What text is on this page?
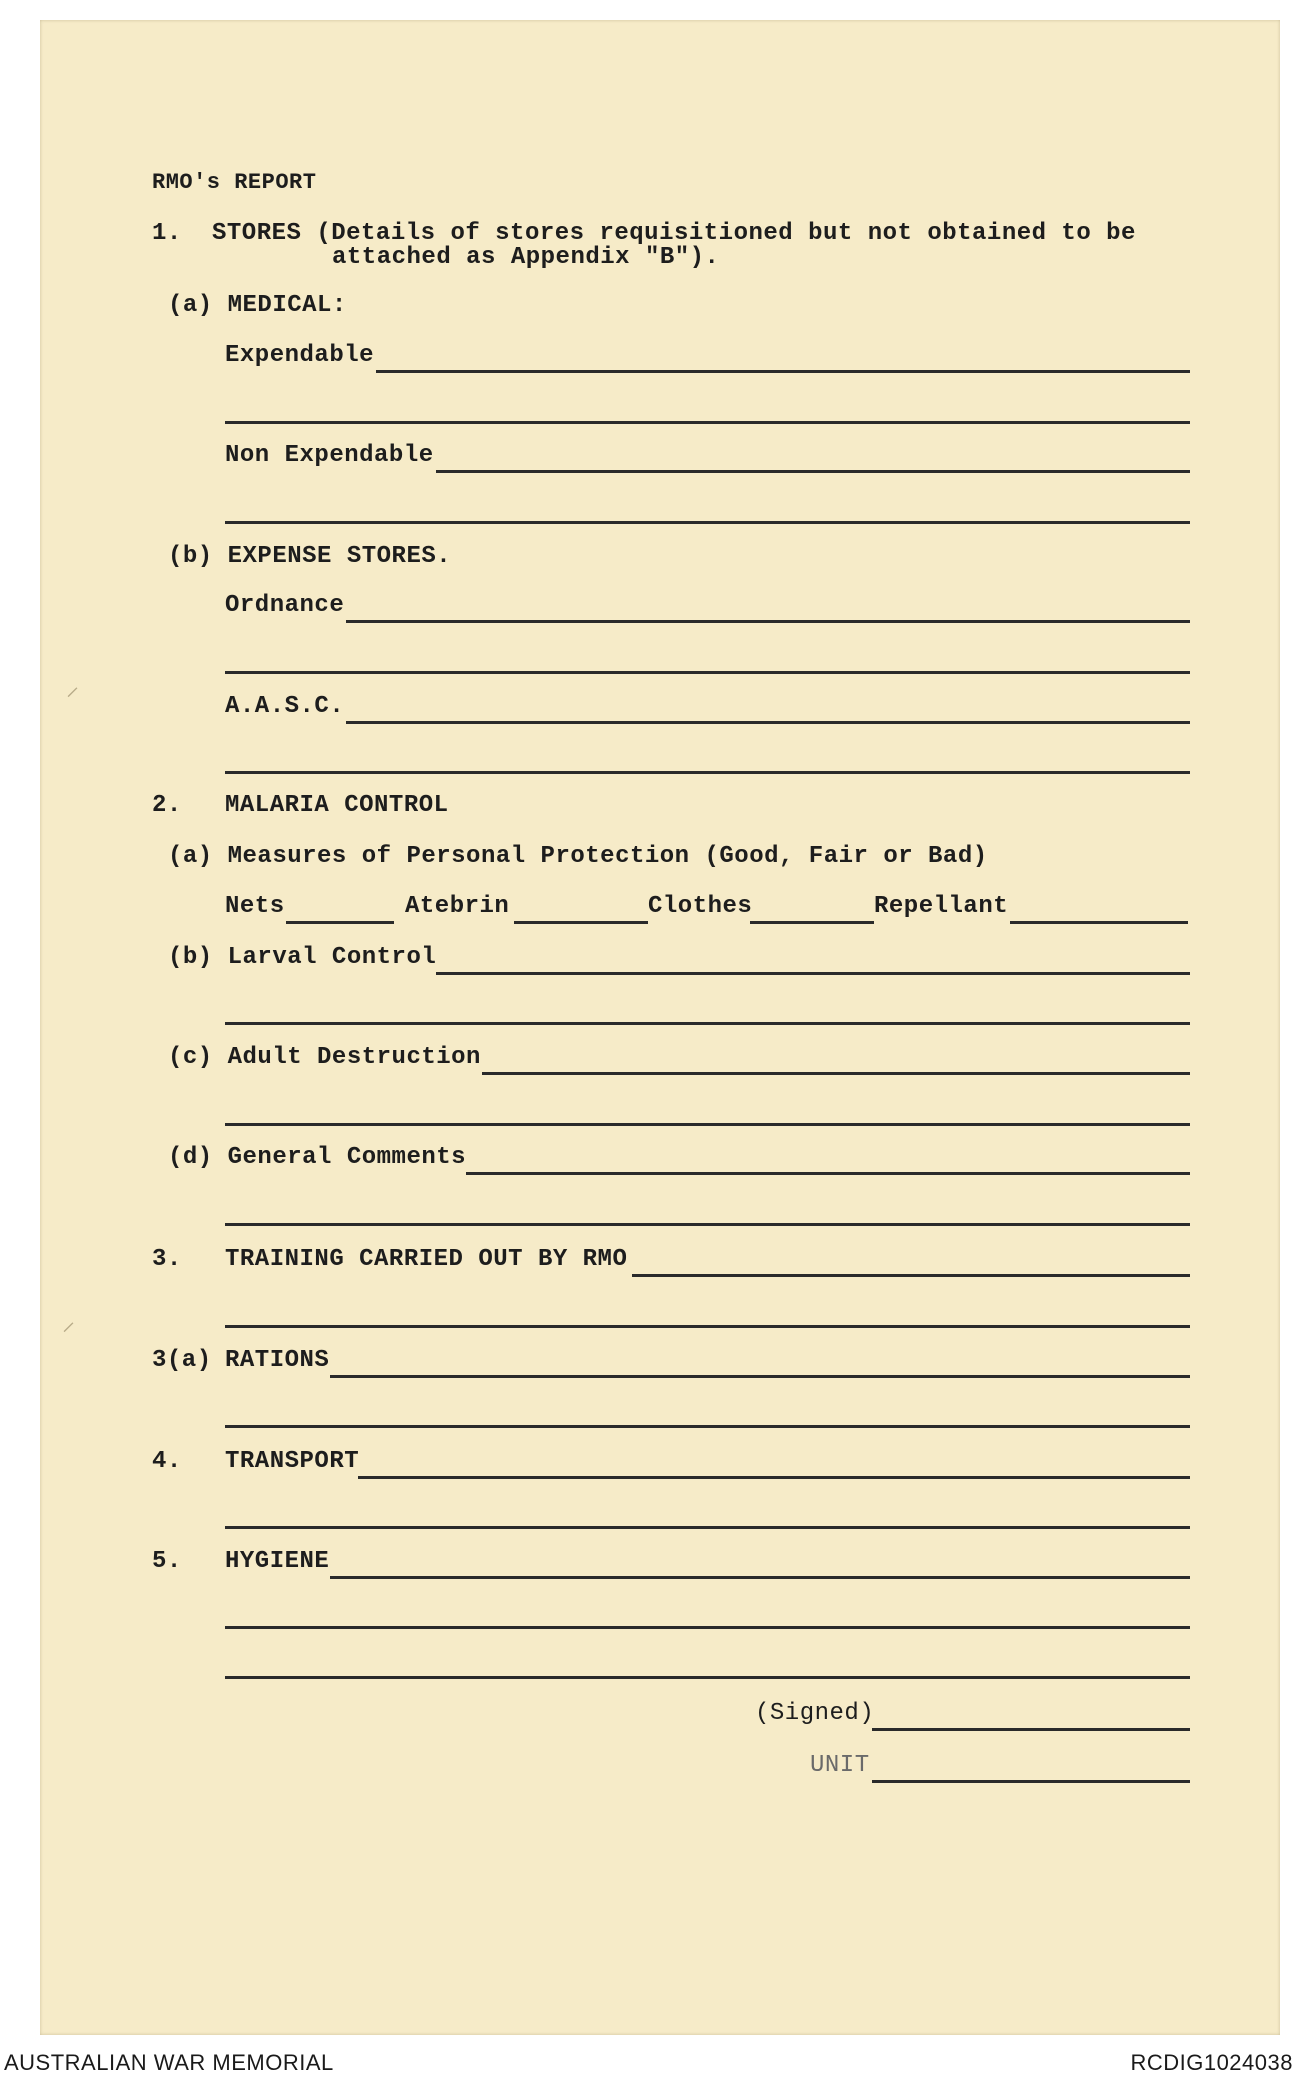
⸝
⸝
RMO's REPORT
1. STORES (Details of stores requisitioned but not obtained to be
attached as Appendix "B").
(a) MEDICAL:
Expendable
Non Expendable
(b) EXPENSE STORES.
Ordnance
A.A.S.C.
2. MALARIA CONTROL
(a) Measures of Personal Protection (Good, Fair or Bad)
Nets	Atebrin	Clothes	Repellant
(b) Larval Control
(c) Adult Destruction
(d) General Comments
3. TRAINING CARRIED OUT BY RMO
3(a) RATIONS
4. TRANSPORT
5. HYGIENE
(Signed)
UNIT
AUSTRALIAN WAR MEMORIAL	RCDIG1024038
